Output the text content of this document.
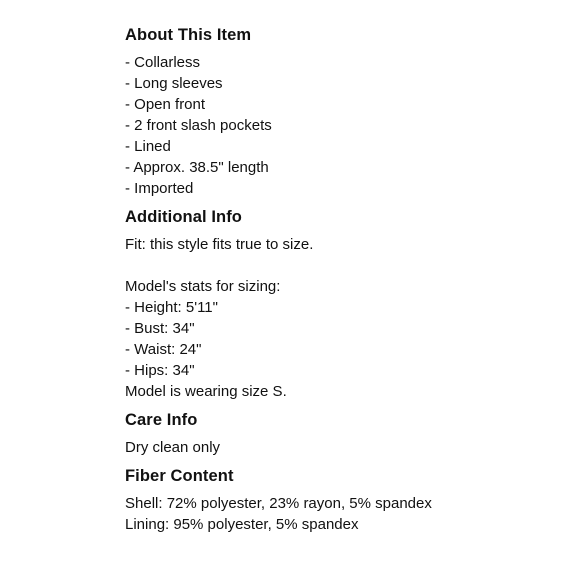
About This Item
- Collarless
- Long sleeves
- Open front
- 2 front slash pockets
- Lined
- Approx. 38.5" length
- Imported
Additional Info

Fit: this style fits true to size.

Model's stats for sizing:

- Height: 5'11"
- Bust: 34"
- Waist: 24"
- Hips: 34"

Model is wearing size S.

Care Info

Dry clean only

Fiber Content

Shell: 72% polyester, 23% rayon, 5% spandex

Lining: 95% polyester, 5% spandex
